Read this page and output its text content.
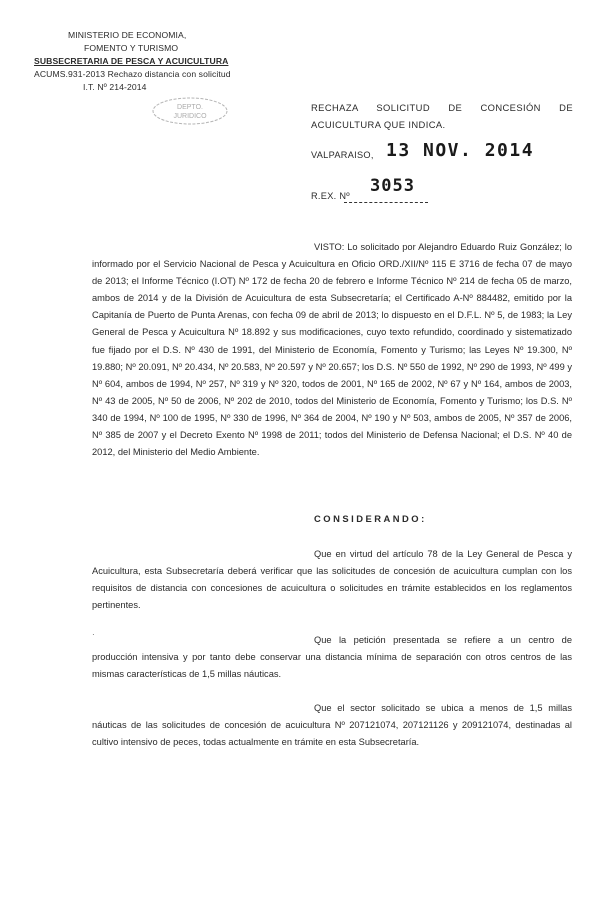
MINISTERIO DE ECONOMIA,
FOMENTO Y TURISMO
SUBSECRETARIA DE PESCA Y ACUICULTURA
ACUMS.931-2013 Rechazo distancia con solicitud
I.T. Nº 214-2014
DEPTO.
JURIDICO
RECHAZA SOLICITUD DE CONCESIÓN DE ACUICULTURA QUE INDICA.
VALPARAISO, 13 NOV. 2014
R.EX. Nº 3053
VISTO: Lo solicitado por Alejandro Eduardo Ruiz González; lo informado por el Servicio Nacional de Pesca y Acuicultura en Oficio ORD./XII/Nº 115 E 3716 de fecha 07 de mayo de 2013; el Informe Técnico (I.OT) Nº 172 de fecha 20 de febrero e Informe Técnico Nº 214 de fecha 05 de marzo, ambos de 2014 y de la División de Acuicultura de esta Subsecretaría; el Certificado A-Nº 884482, emitido por la Capitanía de Puerto de Punta Arenas, con fecha 09 de abril de 2013; lo dispuesto en el D.F.L. Nº 5, de 1983; la Ley General de Pesca y Acuicultura Nº 18.892 y sus modificaciones, cuyo texto refundido, coordinado y sistematizado fue fijado por el D.S. Nº 430 de 1991, del Ministerio de Economía, Fomento y Turismo; las Leyes Nº 19.300, Nº 19.880; Nº 20.091, Nº 20.434, Nº 20.583, Nº 20.597 y Nº 20.657; los D.S. Nº 550 de 1992, Nº 290 de 1993, Nº 499 y Nº 604, ambos de 1994, Nº 257, Nº 319 y Nº 320, todos de 2001, Nº 165 de 2002, Nº 67 y Nº 164, ambos de 2003, Nº 43 de 2005, Nº 50 de 2006, Nº 202 de 2010, todos del Ministerio de Economía, Fomento y Turismo; los D.S. Nº 340 de 1994, Nº 100 de 1995, Nº 330 de 1996, Nº 364 de 2004, Nº 190 y Nº 503, ambos de 2005, Nº 357 de 2006, Nº 385 de 2007 y el Decreto Exento Nº 1998 de 2011; todos del Ministerio de Defensa Nacional; el D.S. Nº 40 de 2012, del Ministerio del Medio Ambiente.
CONSIDERANDO:
Que en virtud del artículo 78 de la Ley General de Pesca y Acuicultura, esta Subsecretaría deberá verificar que las solicitudes de concesión de acuicultura cumplan con los requisitos de distancia con concesiones de acuicultura o solicitudes en trámite establecidos en los reglamentos pertinentes.
·
Que la petición presentada se refiere a un centro de producción intensiva y por tanto debe conservar una distancia mínima de separación con otros centros de las mismas características de 1,5 millas náuticas.
Que el sector solicitado se ubica a menos de 1,5 millas náuticas de las solicitudes de concesión de acuicultura Nº 207121074, 207121126 y 209121074, destinadas al cultivo intensivo de peces, todas actualmente en trámite en esta Subsecretaría.
